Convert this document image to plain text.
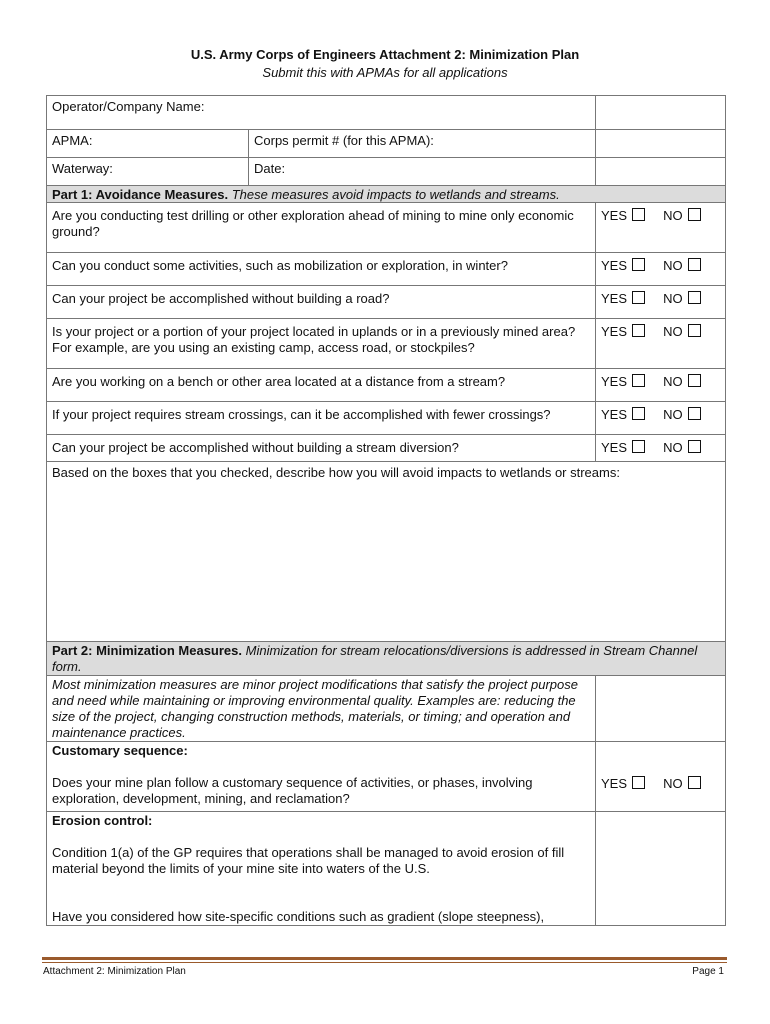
U.S. Army Corps of Engineers Attachment 2: Minimization Plan
Submit this with APMAs for all applications
Operator/Company Name:		
APMA:	Corps permit # (for this APMA):	
Waterway:	Date:	
Part 1: Avoidance Measures. These measures avoid impacts to wetlands and streams.		
Are you conducting test drilling or other exploration ahead of mining to mine only economic ground?		YES NO
Can you conduct some activities, such as mobilization or exploration, in winter?		YES NO
Can your project be accomplished without building a road?		YES NO
Is your project or a portion of your project located in uplands or in a previously mined area? For example, are you using an existing camp, access road, or stockpiles?		YES NO
Are you working on a bench or other area located at a distance from a stream?		YES NO
If your project requires stream crossings, can it be accomplished with fewer crossings?		YES NO
Can your project be accomplished without building a stream diversion?		YES NO
Based on the boxes that you checked, describe how you will avoid impacts to wetlands or streams:		
Part 2: Minimization Measures. Minimization for stream relocations/diversions is addressed in Stream Channel form.		
Most minimization measures are minor project modifications that satisfy the project purpose and need while maintaining or improving environmental quality. Examples are: reducing the size of the project, changing construction methods, materials, or timing; and operation and maintenance practices.		
Customary sequence:

Does your mine plan follow a customary sequence of activities, or phases, involving exploration, development, mining, and reclamation?		YES NO
Erosion control:

Condition 1(a) of the GP requires that operations shall be managed to avoid erosion of fill material beyond the limits of your mine site into waters of the U.S.

Have you considered how site-specific conditions such as gradient (slope steepness),		
Attachment 2: Minimization Plan	Page 1
